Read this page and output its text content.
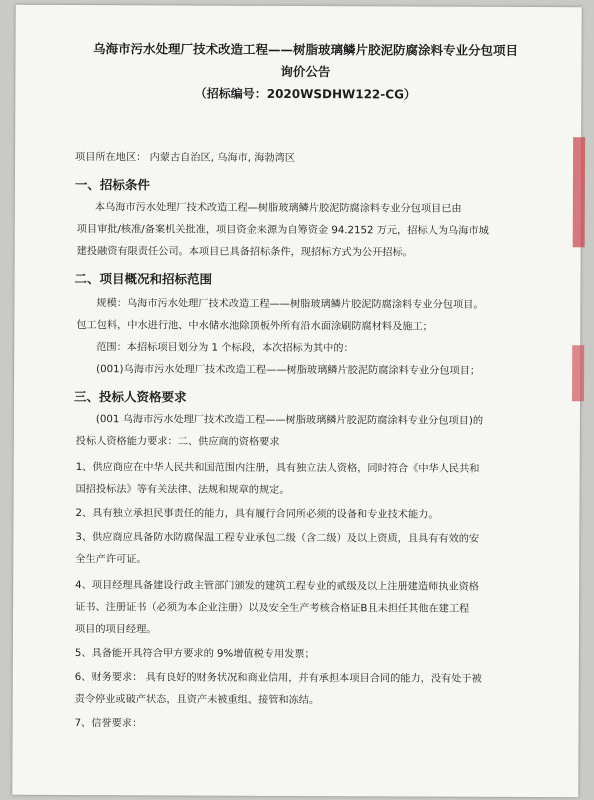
乌海市污水处理厂技术改造工程——树脂玻璃鳞片胶泥防腐涂料专业分包项目
询价公告
（招标编号：2020WSDHW122-CG）
项目所在地区： 内蒙古自治区, 乌海市, 海勃湾区
一、招标条件
本乌海市污水处理厂技术改造工程—树脂玻璃鳞片胶泥防腐涂料专业分包项目已由
项目审批/核准/备案机关批准，项目资金来源为自筹资金 94.2152 万元，招标人为乌海市城
建投融资有限责任公司。本项目已具备招标条件，现招标方式为公开招标。
二、项目概况和招标范围
规模：乌海市污水处理厂技术改造工程——树脂玻璃鳞片胶泥防腐涂料专业分包项目。
包工包料，中水进行池、中水储水池除顶板外所有沿水面涂刷防腐材料及施工；
范围：本招标项目划分为 1 个标段，本次招标为其中的：
(001)乌海市污水处理厂技术改造工程——树脂玻璃鳞片胶泥防腐涂料专业分包项目；
三、投标人资格要求
(001 乌海市污水处理厂技术改造工程——树脂玻璃鳞片胶泥防腐涂料专业分包项目)的
投标人资格能力要求：二、供应商的资格要求
1、供应商应在中华人民共和国范围内注册，具有独立法人资格，同时符合《中华人民共和
国招投标法》等有关法律、法规和规章的规定。
2、具有独立承担民事责任的能力，具有履行合同所必须的设备和专业技术能力。
3、供应商应具备防水防腐保温工程专业承包二级（含二级）及以上资质，且具有有效的安
全生产许可证。
4、项目经理具备建设行政主管部门颁发的建筑工程专业的贰级及以上注册建造师执业资格
证书、注册证书（必须为本企业注册）以及安全生产考核合格证B且未担任其他在建工程
项目的项目经理。
5、具备能开具符合甲方要求的 9%增值税专用发票；
6、财务要求： 具有良好的财务状况和商业信用，并有承担本项目合同的能力，没有处于被
责令停业或破产状态，且资产未被重组、接管和冻结。
7、信誉要求：
